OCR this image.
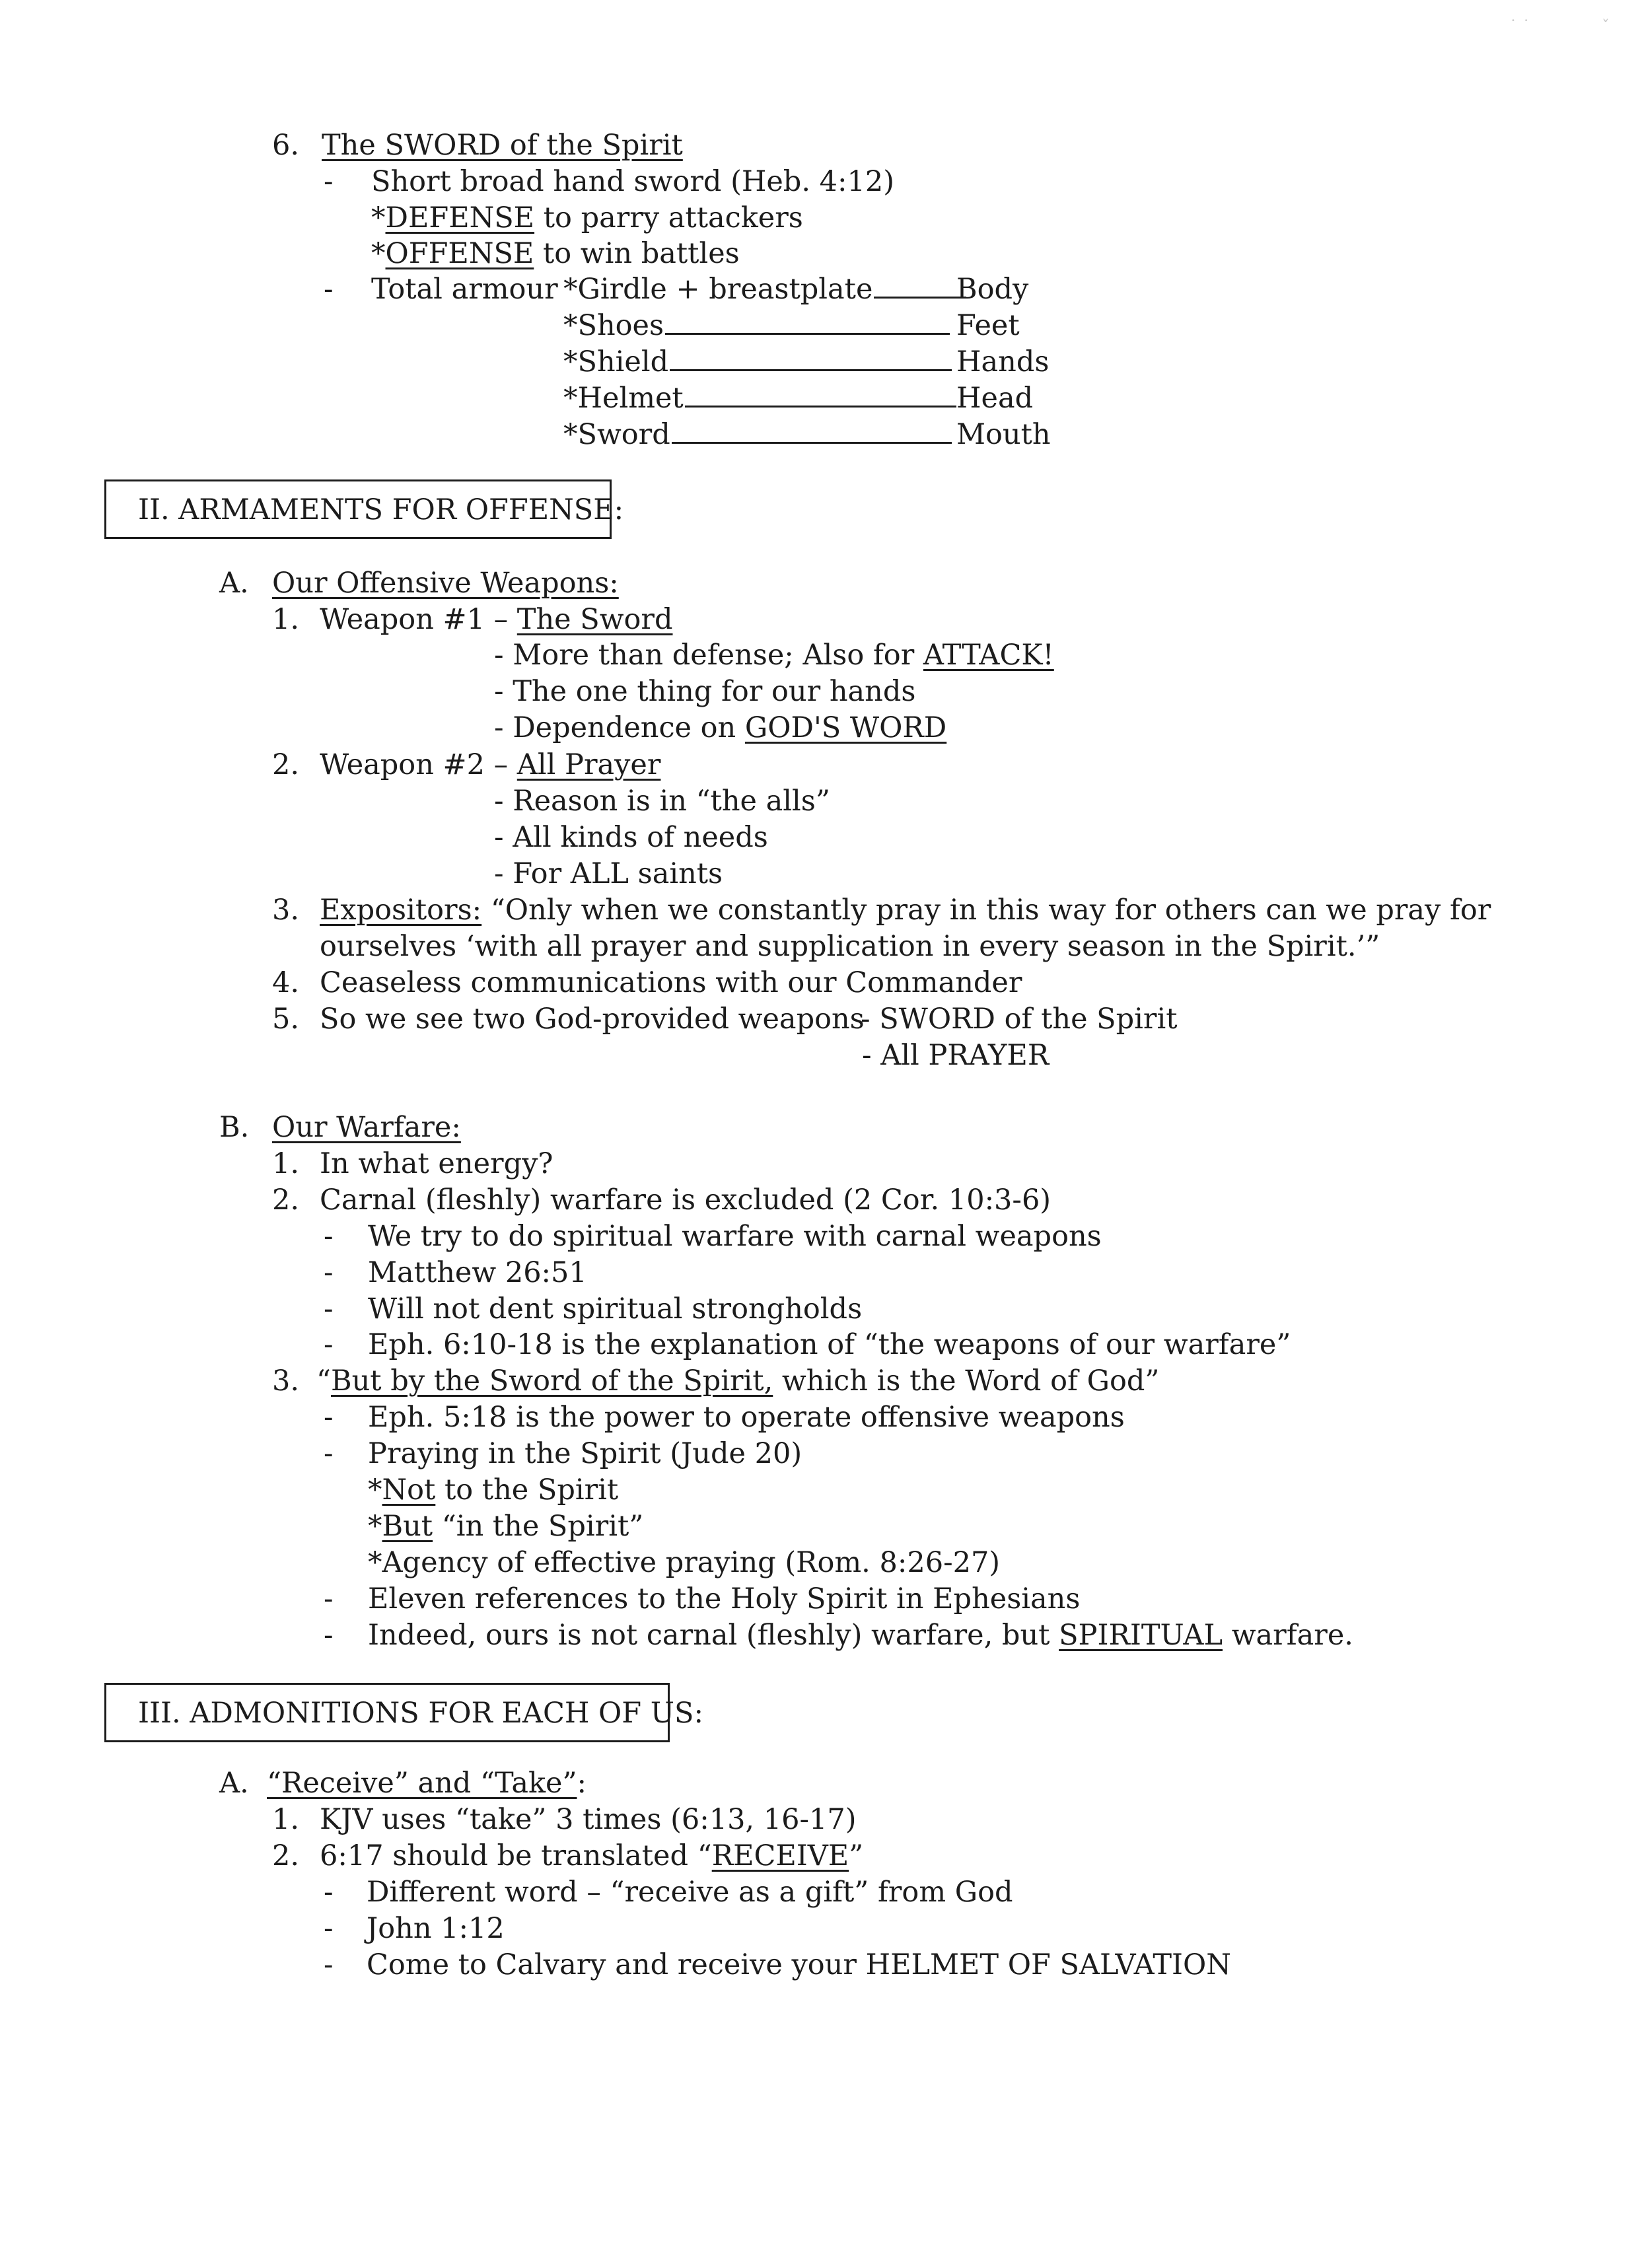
˙ ˙	ˇ
6. The SWORD of the Spirit
- Short broad hand sword (Heb. 4:12)
*DEFENSE to parry attackers
*OFFENSE to win battles
- Total armour *Girdle + breastplate	Body
*Shoes	Feet
*Shield	Hands
*Helmet	Head
*Sword	Mouth
II. ARMAMENTS FOR OFFENSE:
A. Our Offensive Weapons:
1. Weapon #1 – The Sword
- More than defense; Also for ATTACK!
- The one thing for our hands
- Dependence on GOD'S WORD
2. Weapon #2 – All Prayer
- Reason is in “the alls”
- All kinds of needs
- For ALL saints
3. Expositors: “Only when we constantly pray in this way for others can we pray for
ourselves ‘with all prayer and supplication in every season in the Spirit.’”
4. Ceaseless communications with our Commander
5. So we see two God-provided weapons
- SWORD of the Spirit
- All PRAYER
B. Our Warfare:
1. In what energy?
2. Carnal (fleshly) warfare is excluded (2 Cor. 10:3-6)
- We try to do spiritual warfare with carnal weapons
- Matthew 26:51
- Will not dent spiritual strongholds
- Eph. 6:10-18 is the explanation of “the weapons of our warfare”
3. “But by the Sword of the Spirit, which is the Word of God”
- Eph. 5:18 is the power to operate offensive weapons
- Praying in the Spirit (Jude 20)
*Not to the Spirit
*But “in the Spirit”
*Agency of effective praying (Rom. 8:26-27)
- Eleven references to the Holy Spirit in Ephesians
- Indeed, ours is not carnal (fleshly) warfare, but SPIRITUAL warfare.
III. ADMONITIONS FOR EACH OF US:
A. “Receive” and “Take”:
1. KJV uses “take” 3 times (6:13, 16-17)
2. 6:17 should be translated “RECEIVE”
- Different word – “receive as a gift” from God
- John 1:12
- Come to Calvary and receive your HELMET OF SALVATION
